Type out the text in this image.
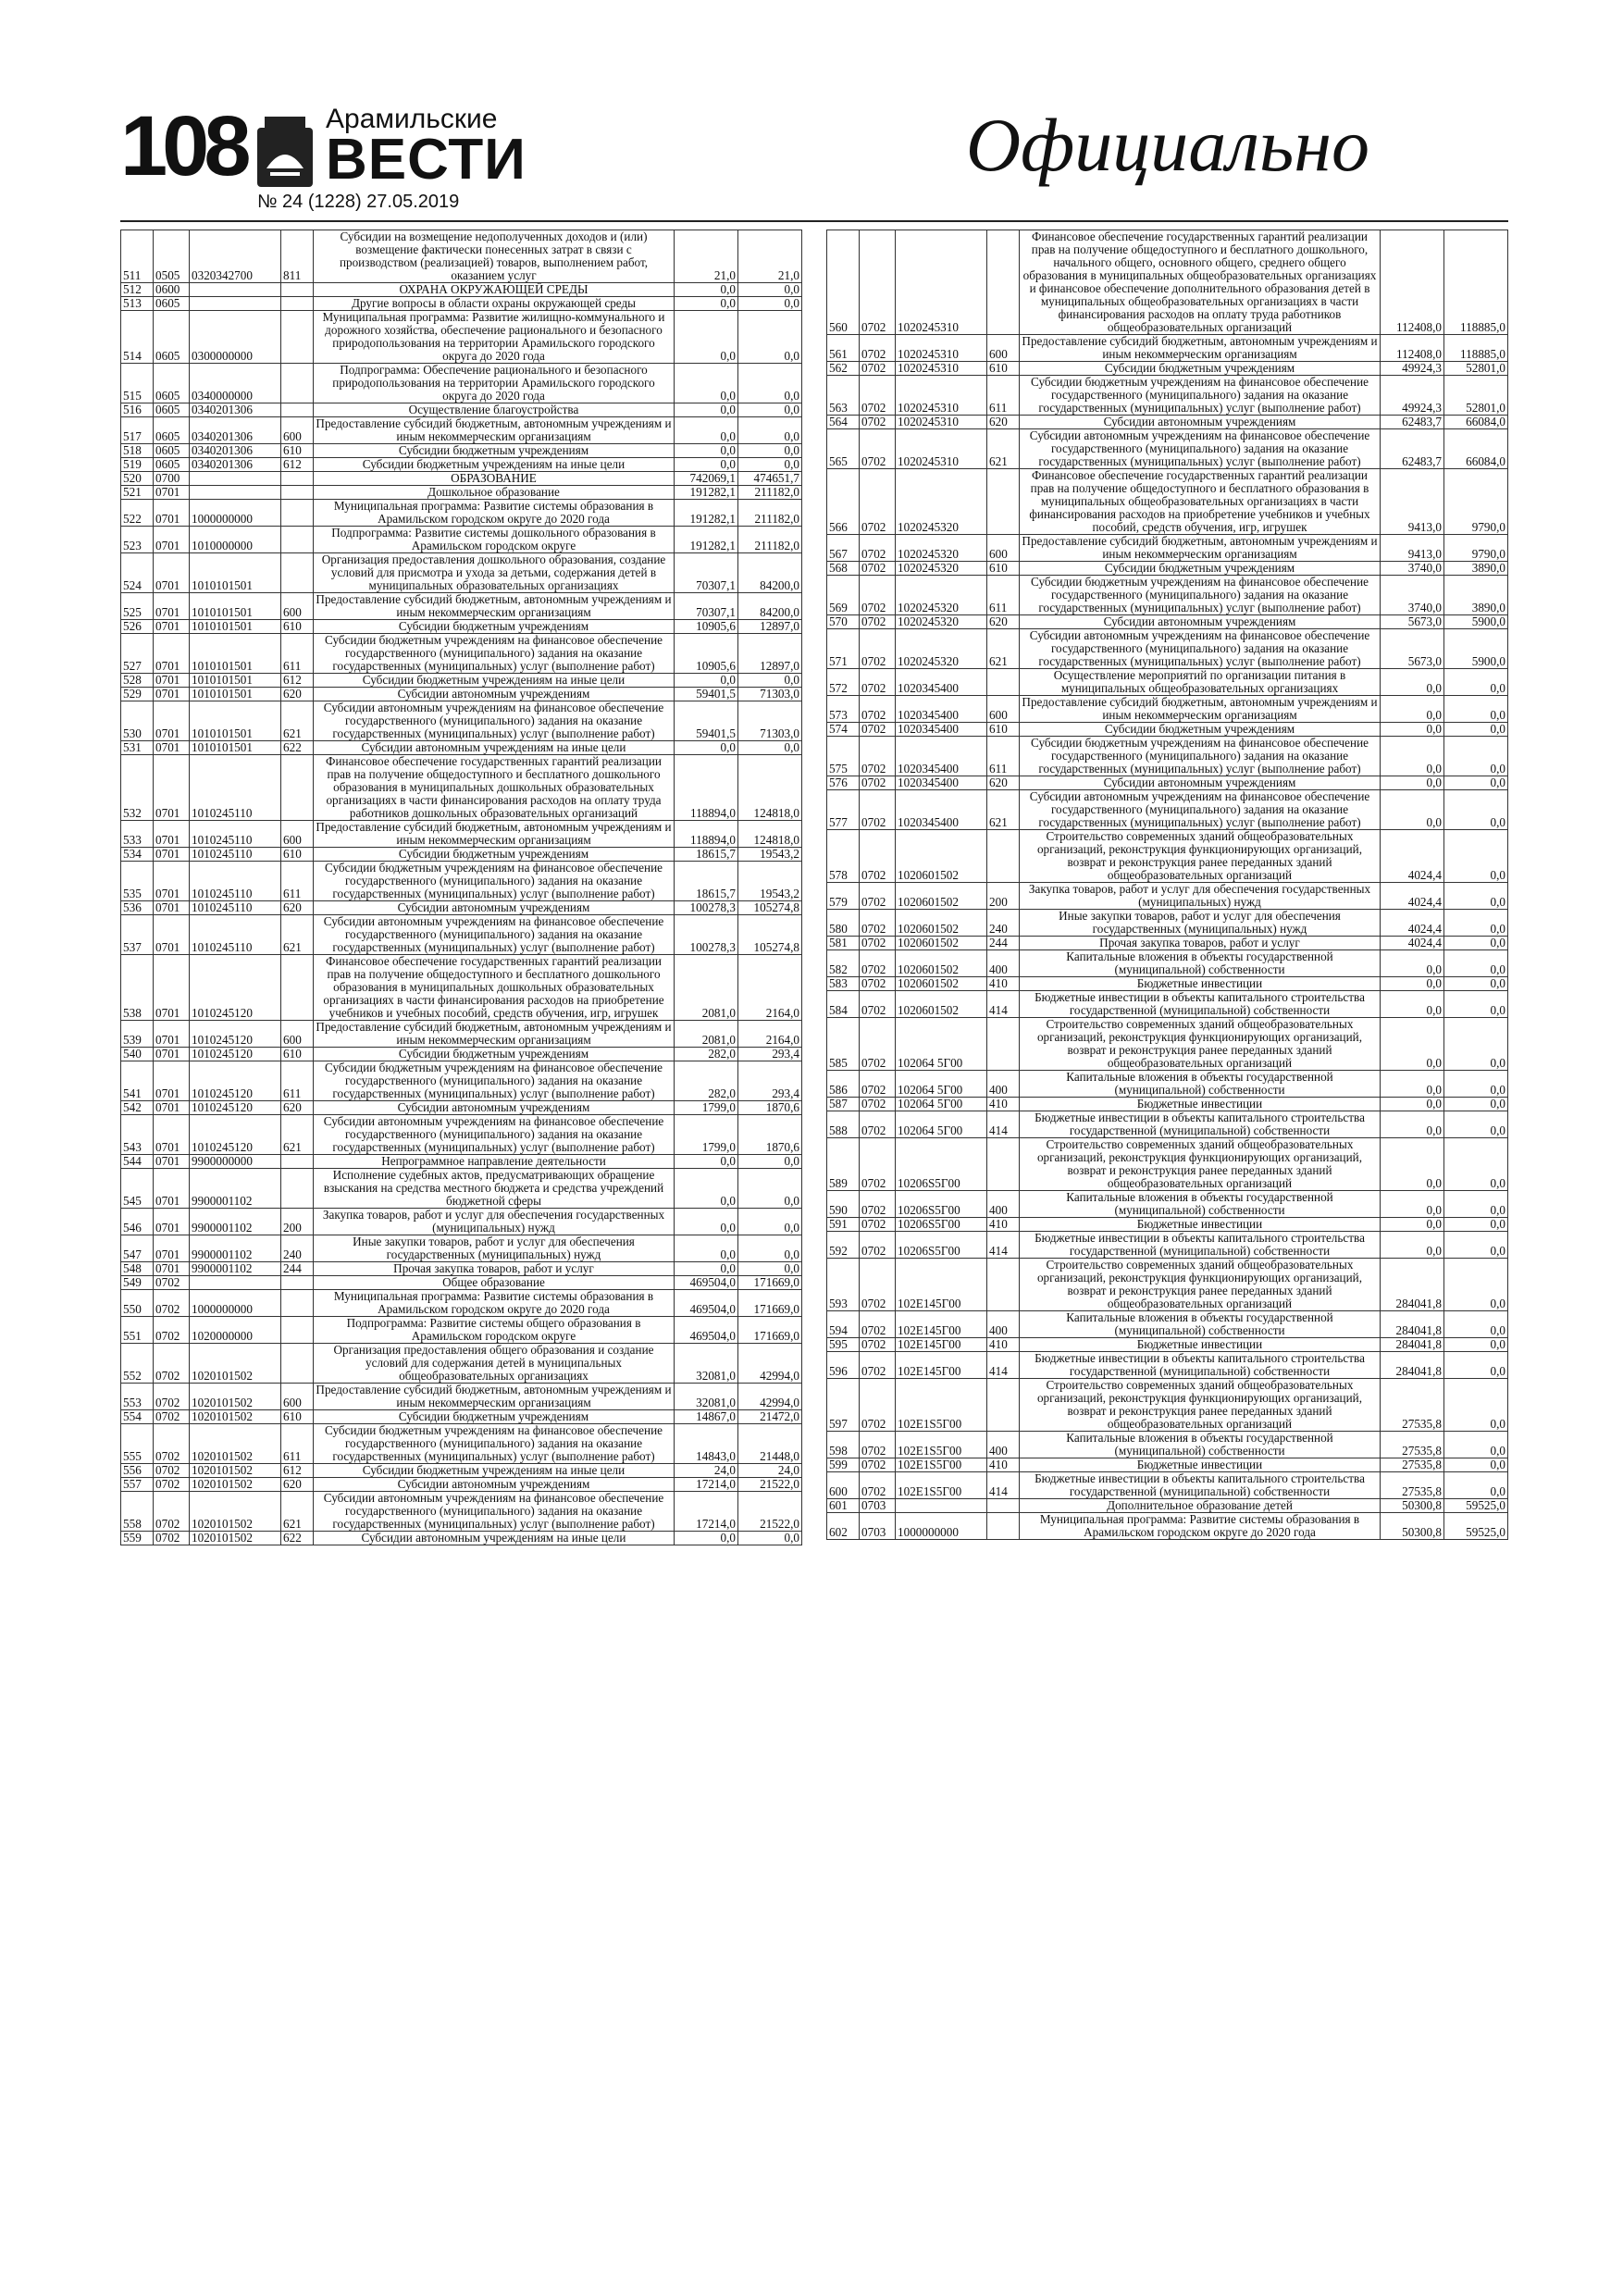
108	Арамильские
ВЕСТИ
№ 24 (1228) 27.05.2019
Официально
511	0505	0320342700	811	Субсидии на возмещение недополученных доходов и (или) возмещение фактически понесенных затрат в связи с производством (реализацией) товаров, выполнением работ, оказанием услуг	21,0	21,0
512	0600			ОХРАНА ОКРУЖАЮЩЕЙ СРЕДЫ	0,0	0,0
513	0605			Другие вопросы в области охраны окружающей среды	0,0	0,0
514	0605	0300000000		Муниципальная программа: Развитие жилищно-коммунального и дорожного хозяйства, обеспечение рационального и безопасного природопользования на территории Арамильского городского округа до 2020 года	0,0	0,0
515	0605	0340000000		Подпрограмма: Обеспечение рационального и безопасного природопользования на территории Арамильского городского округа до 2020 года	0,0	0,0
516	0605	0340201306		Осуществление благоустройства	0,0	0,0
517	0605	0340201306	600	Предоставление субсидий бюджетным, автономным учреждениям и иным некоммерческим организациям	0,0	0,0
518	0605	0340201306	610	Субсидии бюджетным учреждениям	0,0	0,0
519	0605	0340201306	612	Субсидии бюджетным учреждениям на иные цели	0,0	0,0
520	0700			ОБРАЗОВАНИЕ	742069,1	474651,7
521	0701			Дошкольное образование	191282,1	211182,0
522	0701	1000000000		Муниципальная программа: Развитие системы образования в Арамильском городском округе до 2020 года	191282,1	211182,0
523	0701	1010000000		Подпрограмма: Развитие системы дошкольного образования в Арамильском городском округе	191282,1	211182,0
524	0701	1010101501		Организация предоставления дошкольного образования, создание условий для присмотра и ухода за детьми, содержания детей в муниципальных образовательных организациях	70307,1	84200,0
525	0701	1010101501	600	Предоставление субсидий бюджетным, автономным учреждениям и иным некоммерческим организациям	70307,1	84200,0
526	0701	1010101501	610	Субсидии бюджетным учреждениям	10905,6	12897,0
527	0701	1010101501	611	Субсидии бюджетным учреждениям на финансовое обеспечение государственного (муниципального) задания на оказание государственных (муниципальных) услуг (выполнение работ)	10905,6	12897,0
528	0701	1010101501	612	Субсидии бюджетным учреждениям на иные цели	0,0	0,0
529	0701	1010101501	620	Субсидии автономным учреждениям	59401,5	71303,0
530	0701	1010101501	621	Субсидии автономным учреждениям на финансовое обеспечение государственного (муниципального) задания на оказание государственных (муниципальных) услуг (выполнение работ)	59401,5	71303,0
531	0701	1010101501	622	Субсидии автономным учреждениям на иные цели	0,0	0,0
532	0701	1010245110		Финансовое обеспечение государственных гарантий реализации прав на получение общедоступного и бесплатного дошкольного образования в муниципальных дошкольных образовательных организациях в части финансирования расходов на оплату труда работников дошкольных образовательных организаций	118894,0	124818,0
533	0701	1010245110	600	Предоставление субсидий бюджетным, автономным учреждениям и иным некоммерческим организациям	118894,0	124818,0
534	0701	1010245110	610	Субсидии бюджетным учреждениям	18615,7	19543,2
535	0701	1010245110	611	Субсидии бюджетным учреждениям на финансовое обеспечение государственного (муниципального) задания на оказание государственных (муниципальных) услуг (выполнение работ)	18615,7	19543,2
536	0701	1010245110	620	Субсидии автономным учреждениям	100278,3	105274,8
537	0701	1010245110	621	Субсидии автономным учреждениям на финансовое обеспечение государственного (муниципального) задания на оказание государственных (муниципальных) услуг (выполнение работ)	100278,3	105274,8
538	0701	1010245120		Финансовое обеспечение государственных гарантий реализации прав на получение общедоступного и бесплатного дошкольного образования в муниципальных дошкольных образовательных организациях в части финансирования расходов на приобретение учебников и учебных пособий, средств обучения, игр, игрушек	2081,0	2164,0
539	0701	1010245120	600	Предоставление субсидий бюджетным, автономным учреждениям и иным некоммерческим организациям	2081,0	2164,0
540	0701	1010245120	610	Субсидии бюджетным учреждениям	282,0	293,4
541	0701	1010245120	611	Субсидии бюджетным учреждениям на финансовое обеспечение государственного (муниципального) задания на оказание государственных (муниципальных) услуг (выполнение работ)	282,0	293,4
542	0701	1010245120	620	Субсидии автономным учреждениям	1799,0	1870,6
543	0701	1010245120	621	Субсидии автономным учреждениям на финансовое обеспечение государственного (муниципального) задания на оказание государственных (муниципальных) услуг (выполнение работ)	1799,0	1870,6
544	0701	9900000000		Непрограммное направление деятельности	0,0	0,0
545	0701	9900001102		Исполнение судебных актов, предусматривающих обращение взыскания на средства местного бюджета и средства учреждений бюджетной сферы	0,0	0,0
546	0701	9900001102	200	Закупка товаров, работ и услуг для обеспечения государственных (муниципальных) нужд	0,0	0,0
547	0701	9900001102	240	Иные закупки товаров, работ и услуг для обеспечения государственных (муниципальных) нужд	0,0	0,0
548	0701	9900001102	244	Прочая закупка товаров, работ и услуг	0,0	0,0
549	0702			Общее образование	469504,0	171669,0
550	0702	1000000000		Муниципальная программа: Развитие системы образования в Арамильском городском округе до 2020 года	469504,0	171669,0
551	0702	1020000000		Подпрограмма: Развитие системы общего образования в Арамильском городском округе	469504,0	171669,0
552	0702	1020101502		Организация предоставления общего образования и создание условий для содержания детей в муниципальных общеобразовательных организациях	32081,0	42994,0
553	0702	1020101502	600	Предоставление субсидий бюджетным, автономным учреждениям и иным некоммерческим организациям	32081,0	42994,0
554	0702	1020101502	610	Субсидии бюджетным учреждениям	14867,0	21472,0
555	0702	1020101502	611	Субсидии бюджетным учреждениям на финансовое обеспечение государственного (муниципального) задания на оказание государственных (муниципальных) услуг (выполнение работ)	14843,0	21448,0
556	0702	1020101502	612	Субсидии бюджетным учреждениям на иные цели	24,0	24,0
557	0702	1020101502	620	Субсидии автономным учреждениям	17214,0	21522,0
558	0702	1020101502	621	Субсидии автономным учреждениям на финансовое обеспечение государственного (муниципального) задания на оказание государственных (муниципальных) услуг (выполнение работ)	17214,0	21522,0
559	0702	1020101502	622	Субсидии автономным учреждениям на иные цели	0,0	0,0
560	0702	1020245310		Финансовое обеспечение государственных гарантий реализации прав на получение общедоступного и бесплатного дошкольного, начального общего, основного общего, среднего общего образования в муниципальных общеобразовательных организациях и финансовое обеспечение дополнительного образования детей в муниципальных общеобразовательных организациях в части финансирования расходов на оплату труда работников общеобразовательных организаций	112408,0	118885,0
561	0702	1020245310	600	Предоставление субсидий бюджетным, автономным учреждениям и иным некоммерческим организациям	112408,0	118885,0
562	0702	1020245310	610	Субсидии бюджетным учреждениям	49924,3	52801,0
563	0702	1020245310	611	Субсидии бюджетным учреждениям на финансовое обеспечение государственного (муниципального) задания на оказание государственных (муниципальных) услуг (выполнение работ)	49924,3	52801,0
564	0702	1020245310	620	Субсидии автономным учреждениям	62483,7	66084,0
565	0702	1020245310	621	Субсидии автономным учреждениям на финансовое обеспечение государственного (муниципального) задания на оказание государственных (муниципальных) услуг (выполнение работ)	62483,7	66084,0
566	0702	1020245320		Финансовое обеспечение государственных гарантий реализации прав на получение общедоступного и бесплатного образования в муниципальных общеобразовательных организациях в части финансирования расходов на приобретение учебников и учебных пособий, средств обучения, игр, игрушек	9413,0	9790,0
567	0702	1020245320	600	Предоставление субсидий бюджетным, автономным учреждениям и иным некоммерческим организациям	9413,0	9790,0
568	0702	1020245320	610	Субсидии бюджетным учреждениям	3740,0	3890,0
569	0702	1020245320	611	Субсидии бюджетным учреждениям на финансовое обеспечение государственного (муниципального) задания на оказание государственных (муниципальных) услуг (выполнение работ)	3740,0	3890,0
570	0702	1020245320	620	Субсидии автономным учреждениям	5673,0	5900,0
571	0702	1020245320	621	Субсидии автономным учреждениям на финансовое обеспечение государственного (муниципального) задания на оказание государственных (муниципальных) услуг (выполнение работ)	5673,0	5900,0
572	0702	1020345400		Осуществление мероприятий по организации питания в муниципальных общеобразовательных организациях	0,0	0,0
573	0702	1020345400	600	Предоставление субсидий бюджетным, автономным учреждениям и иным некоммерческим организациям	0,0	0,0
574	0702	1020345400	610	Субсидии бюджетным учреждениям	0,0	0,0
575	0702	1020345400	611	Субсидии бюджетным учреждениям на финансовое обеспечение государственного (муниципального) задания на оказание государственных (муниципальных) услуг (выполнение работ)	0,0	0,0
576	0702	1020345400	620	Субсидии автономным учреждениям	0,0	0,0
577	0702	1020345400	621	Субсидии автономным учреждениям на финансовое обеспечение государственного (муниципального) задания на оказание государственных (муниципальных) услуг (выполнение работ)	0,0	0,0
578	0702	1020601502		Строительство современных зданий общеобразовательных организаций, реконструкция функционирующих организаций, возврат и реконструкция ранее переданных зданий общеобразовательных организаций	4024,4	0,0
579	0702	1020601502	200	Закупка товаров, работ и услуг для обеспечения государственных (муниципальных) нужд	4024,4	0,0
580	0702	1020601502	240	Иные закупки товаров, работ и услуг для обеспечения государственных (муниципальных) нужд	4024,4	0,0
581	0702	1020601502	244	Прочая закупка товаров, работ и услуг	4024,4	0,0
582	0702	1020601502	400	Капитальные вложения в объекты государственной (муниципальной) собственности	0,0	0,0
583	0702	1020601502	410	Бюджетные инвестиции	0,0	0,0
584	0702	1020601502	414	Бюджетные инвестиции в объекты капитального строительства государственной (муниципальной) собственности	0,0	0,0
585	0702	102064 5Г00		Строительство современных зданий общеобразовательных организаций, реконструкция функционирующих организаций, возврат и реконструкция ранее переданных зданий общеобразовательных организаций	0,0	0,0
586	0702	102064 5Г00	400	Капитальные вложения в объекты государственной (муниципальной) собственности	0,0	0,0
587	0702	102064 5Г00	410	Бюджетные инвестиции	0,0	0,0
588	0702	102064 5Г00	414	Бюджетные инвестиции в объекты капитального строительства государственной (муниципальной) собственности	0,0	0,0
589	0702	10206S5Г00		Строительство современных зданий общеобразовательных организаций, реконструкция функционирующих организаций, возврат и реконструкция ранее переданных зданий общеобразовательных организаций	0,0	0,0
590	0702	10206S5Г00	400	Капитальные вложения в объекты государственной (муниципальной) собственности	0,0	0,0
591	0702	10206S5Г00	410	Бюджетные инвестиции	0,0	0,0
592	0702	10206S5Г00	414	Бюджетные инвестиции в объекты капитального строительства государственной (муниципальной) собственности	0,0	0,0
593	0702	102E145Г00		Строительство современных зданий общеобразовательных организаций, реконструкция функционирующих организаций, возврат и реконструкция ранее переданных зданий общеобразовательных организаций	284041,8	0,0
594	0702	102E145Г00	400	Капитальные вложения в объекты государственной (муниципальной) собственности	284041,8	0,0
595	0702	102E145Г00	410	Бюджетные инвестиции	284041,8	0,0
596	0702	102E145Г00	414	Бюджетные инвестиции в объекты капитального строительства государственной (муниципальной) собственности	284041,8	0,0
597	0702	102E1S5Г00		Строительство современных зданий общеобразовательных организаций, реконструкция функционирующих организаций, возврат и реконструкция ранее переданных зданий общеобразовательных организаций	27535,8	0,0
598	0702	102E1S5Г00	400	Капитальные вложения в объекты государственной (муниципальной) собственности	27535,8	0,0
599	0702	102E1S5Г00	410	Бюджетные инвестиции	27535,8	0,0
600	0702	102E1S5Г00	414	Бюджетные инвестиции в объекты капитального строительства государственной (муниципальной) собственности	27535,8	0,0
601	0703			Дополнительное образование детей	50300,8	59525,0
602	0703	1000000000		Муниципальная программа: Развитие системы образования в Арамильском городском округе до 2020 года	50300,8	59525,0
